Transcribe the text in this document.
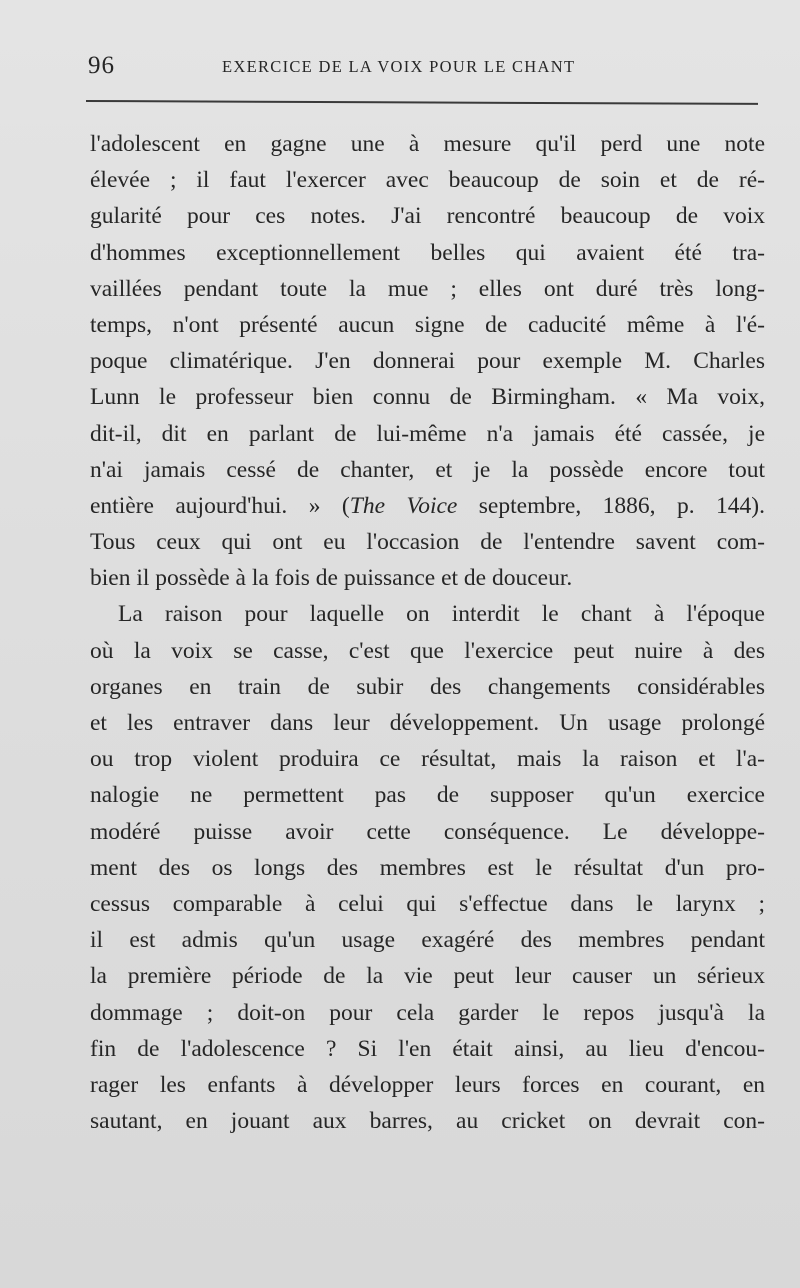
96	EXERCICE DE LA VOIX POUR LE CHANT
l'adolescent en gagne une à mesure qu'il perd une note
élevée ; il faut l'exercer avec beaucoup de soin et de ré-
gularité pour ces notes. J'ai rencontré beaucoup de voix
d'hommes exceptionnellement belles qui avaient été tra-
vaillées pendant toute la mue ; elles ont duré très long-
temps, n'ont présenté aucun signe de caducité même à l'é-
poque climatérique. J'en donnerai pour exemple M. Charles
Lunn le professeur bien connu de Birmingham. « Ma voix,
dit-il, dit en parlant de lui-même n'a jamais été cassée, je
n'ai jamais cessé de chanter, et je la possède encore tout
entière aujourd'hui. » (The Voice septembre, 1886, p. 144).
Tous ceux qui ont eu l'occasion de l'entendre savent com-
bien il possède à la fois de puissance et de douceur.
La raison pour laquelle on interdit le chant à l'époque
où la voix se casse, c'est que l'exercice peut nuire à des
organes en train de subir des changements considérables
et les entraver dans leur développement. Un usage prolongé
ou trop violent produira ce résultat, mais la raison et l'a-
nalogie ne permettent pas de supposer qu'un exercice
modéré puisse avoir cette conséquence. Le développe-
ment des os longs des membres est le résultat d'un pro-
cessus comparable à celui qui s'effectue dans le larynx ;
il est admis qu'un usage exagéré des membres pendant
la première période de la vie peut leur causer un sérieux
dommage ; doit-on pour cela garder le repos jusqu'à la
fin de l'adolescence ? Si l'en était ainsi, au lieu d'encou-
rager les enfants à développer leurs forces en courant, en
sautant, en jouant aux barres, au cricket on devrait con-
